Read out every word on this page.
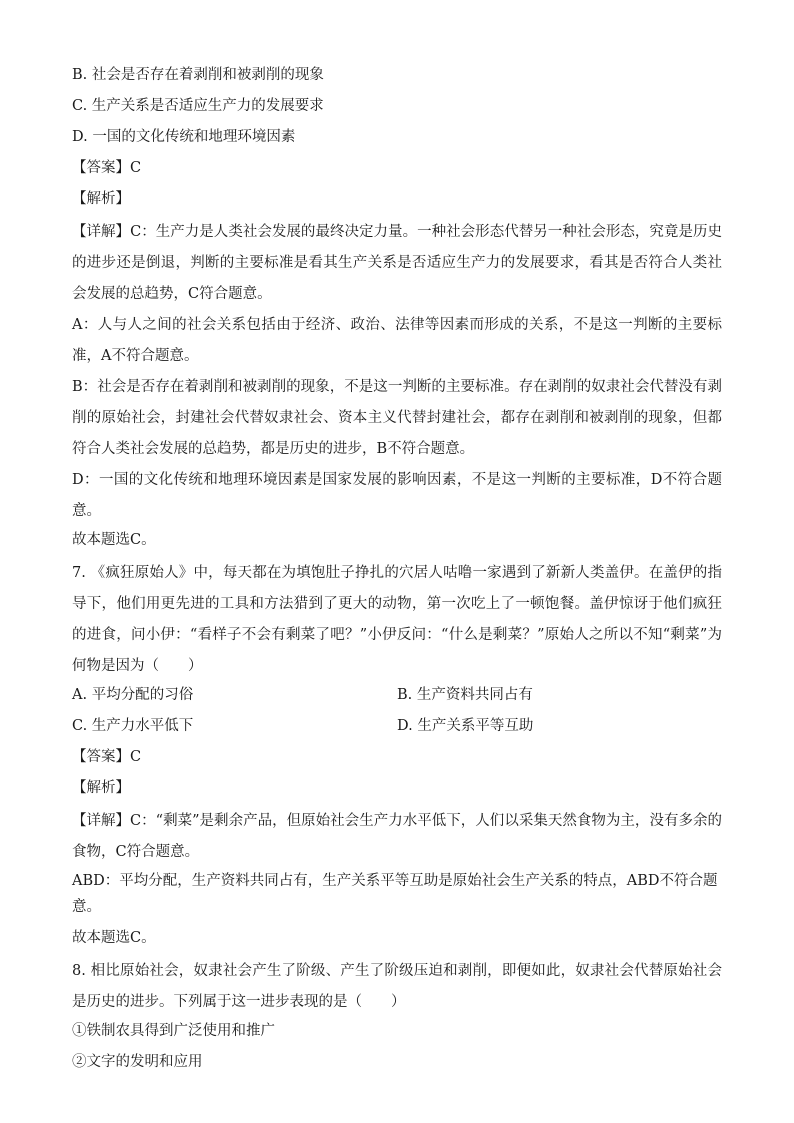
B. 社会是否存在着剥削和被剥削的现象
C. 生产关系是否适应生产力的发展要求
D. 一国的文化传统和地理环境因素
【答案】C
【解析】
【详解】C：生产力是人类社会发展的最终决定力量。一种社会形态代替另一种社会形态，究竟是历史的进步还是倒退，判断的主要标准是看其生产关系是否适应生产力的发展要求，看其是否符合人类社会发展的总趋势，C符合题意。
A：人与人之间的社会关系包括由于经济、政治、法律等因素而形成的关系，不是这一判断的主要标准，A不符合题意。
B：社会是否存在着剥削和被剥削的现象，不是这一判断的主要标准。存在剥削的奴隶社会代替没有剥削的原始社会，封建社会代替奴隶社会、资本主义代替封建社会，都存在剥削和被剥削的现象，但都符合人类社会发展的总趋势，都是历史的进步，B不符合题意。
D：一国的文化传统和地理环境因素是国家发展的影响因素，不是这一判断的主要标准，D不符合题意。
故本题选C。
7. 《疯狂原始人》中，每天都在为填饱肚子挣扎的穴居人咕噜一家遇到了新新人类盖伊。在盖伊的指导下，他们用更先进的工具和方法猎到了更大的动物，第一次吃上了一顿饱餐。盖伊惊讶于他们疯狂的进食，问小伊：“看样子不会有剩菜了吧？”小伊反问：“什么是剩菜？”原始人之所以不知“剩菜”为何物是因为（　　）
A. 平均分配的习俗	B. 生产资料共同占有
C. 生产力水平低下	D. 生产关系平等互助
【答案】C
【解析】
【详解】C：“剩菜”是剩余产品，但原始社会生产力水平低下，人们以采集天然食物为主，没有多余的食物，C符合题意。
ABD：平均分配，生产资料共同占有，生产关系平等互助是原始社会生产关系的特点，ABD不符合题意。
故本题选C。
8. 相比原始社会，奴隶社会产生了阶级、产生了阶级压迫和剥削，即便如此，奴隶社会代替原始社会是历史的进步。下列属于这一进步表现的是（　　）
①铁制农具得到广泛使用和推广
②文字的发明和应用
